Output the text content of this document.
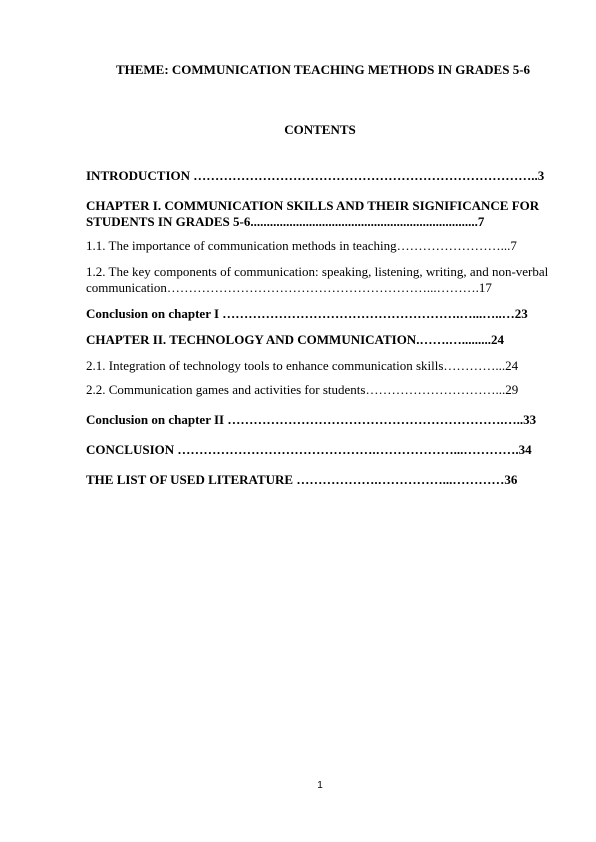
THEME: COMMUNICATION TEACHING METHODS IN GRADES 5-6
CONTENTS

INTRODUCTION ……………………………………………………………………..3

CHAPTER I. COMMUNICATION SKILLS AND THEIR SIGNIFICANCE FOR STUDENTS IN GRADES 5-6......................................................................7

1.1. The importance of communication methods in teaching……………………...7

1.2. The key components of communication: speaking, listening, writing, and non-verbal communication……………………………………………………...……….17

Conclusion on chapter I ……………………………………………….…...…..…23

CHAPTER II. TECHNOLOGY AND COMMUNICATION.…….….........24

2.1. Integration of technology tools to enhance communication skills…………...24

2.2. Communication games and activities for students…………………………...29

Conclusion on chapter II ……………………………………………………….…..33

CONCLUSION ……………………………………….………………...………….34

THE LIST OF USED LITERATURE ……………….……………...…………36

1
